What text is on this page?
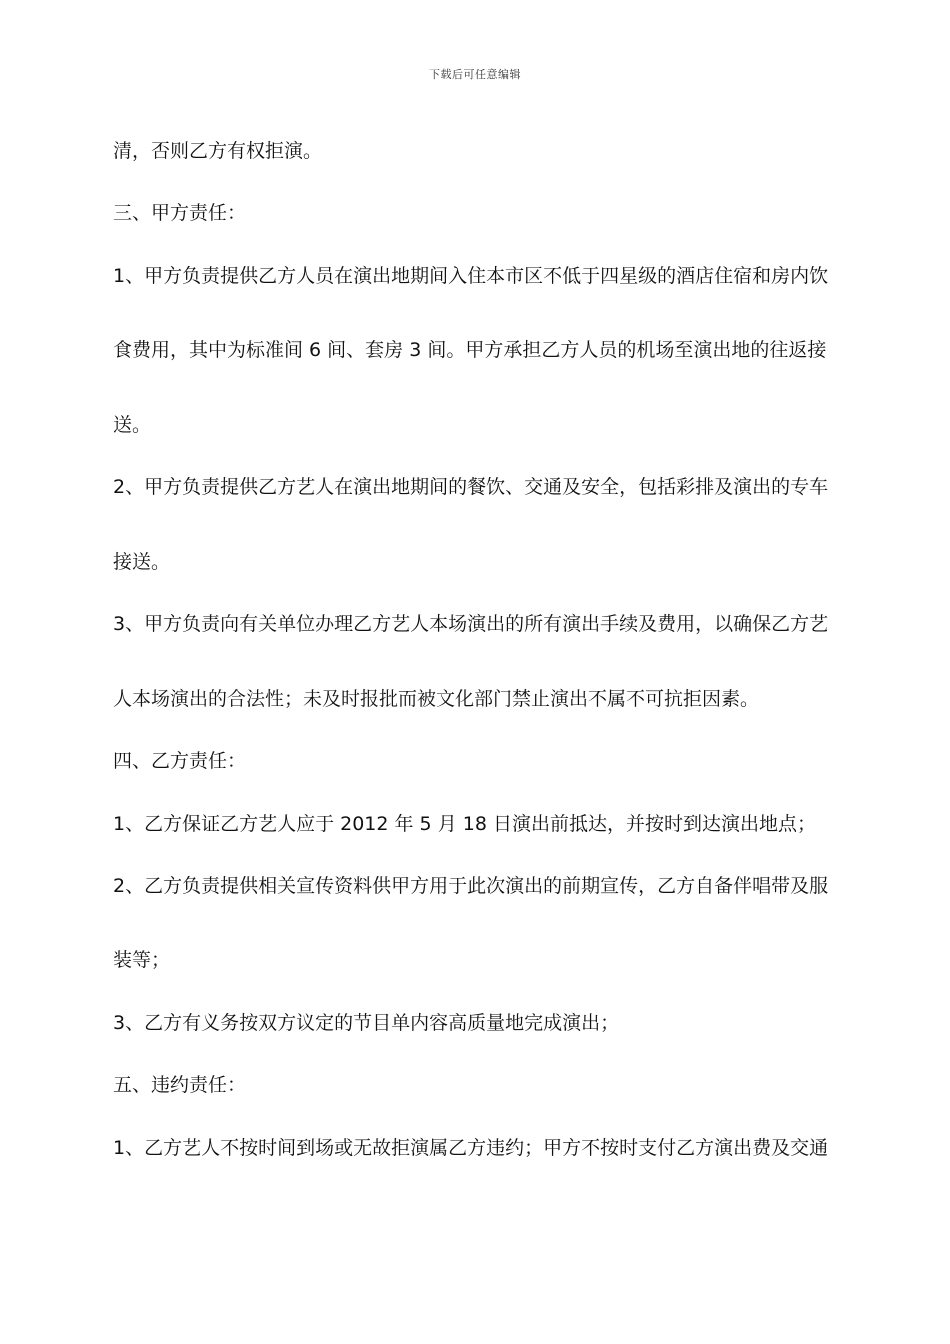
下载后可任意编辑
清，否则乙方有权拒演。
三、甲方责任：
1、甲方负责提供乙方人员在演出地期间入住本市区不低于四星级的酒店住宿和房内饮
食费用，其中为标准间 6 间、套房 3 间。甲方承担乙方人员的机场至演出地的往返接
送。
2、甲方负责提供乙方艺人在演出地期间的餐饮、交通及安全，包括彩排及演出的专车
接送。
3、甲方负责向有关单位办理乙方艺人本场演出的所有演出手续及费用，以确保乙方艺
人本场演出的合法性；未及时报批而被文化部门禁止演出不属不可抗拒因素。
四、乙方责任：
1、乙方保证乙方艺人应于 2012 年 5 月 18 日演出前抵达，并按时到达演出地点；
2、乙方负责提供相关宣传资料供甲方用于此次演出的前期宣传，乙方自备伴唱带及服
装等；
3、乙方有义务按双方议定的节目单内容高质量地完成演出；
五、违约责任：
1、乙方艺人不按时间到场或无故拒演属乙方违约；甲方不按时支付乙方演出费及交通
